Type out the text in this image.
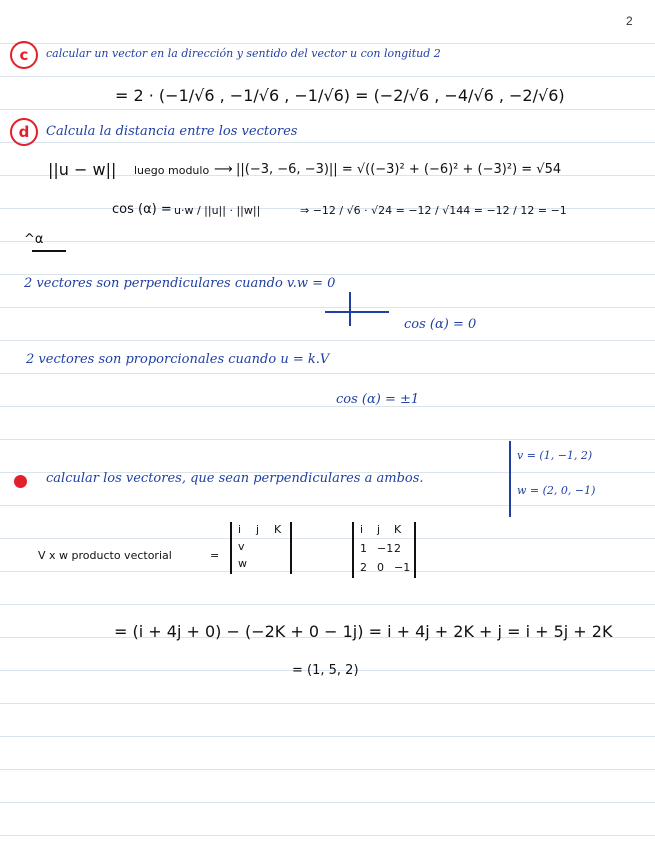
2
c	calcular un vector en la dirección y sentido del vector u con longitud 2
= 2 · (−1/√6 , −1/√6 , −1/√6) = (−2/√6 , −4/√6 , −2/√6)
d	Calcula la distancia entre los vectores
||u − w|| luego modulo ⟶ ||(−3, −6, −3)|| = √((−3)² + (−6)² + (−3)²) = √54
cos (α) = u·w / ||u|| · ||w||	⇒ −12 / √6 · √24 = −12 / √144 = −12 / 12 = −1
^α
2 vectores son perpendiculares cuando v.w = 0
cos (α) = 0
2 vectores son proporcionales cuando u = k.V
cos (α) = ±1
calcular los vectores, que sean perpendiculares a ambos.
v = (1, −1, 2)
w = (2, 0, −1)
V x w producto vectorial	=
i j K
v
w
i j K
1 −1 2
2 0 −1
= (i + 4j + 0) − (−2K + 0 − 1j) = i + 4j + 2K + j = i + 5j + 2K
= (1, 5, 2)
